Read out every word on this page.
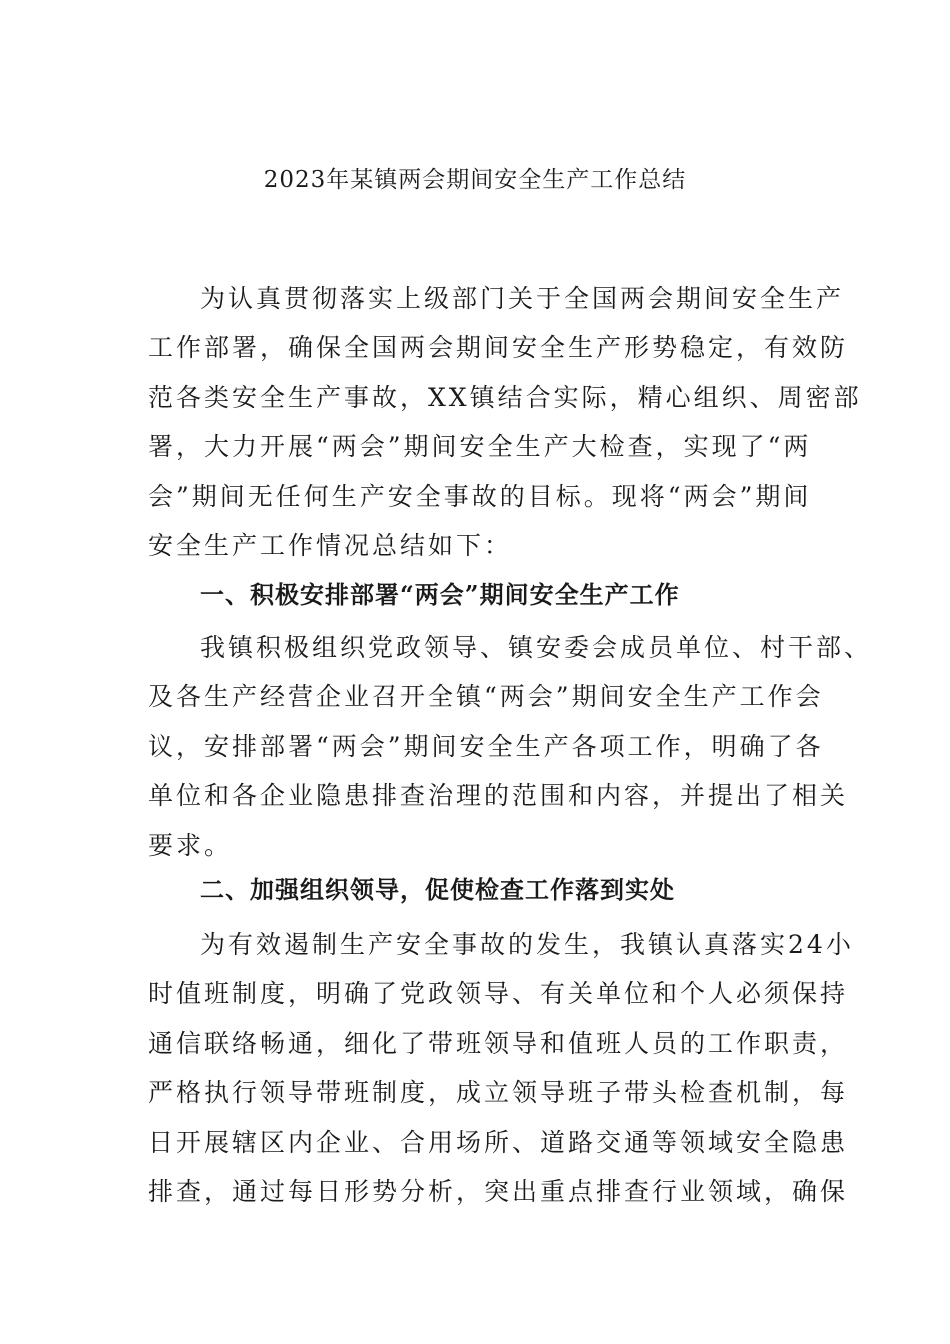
2023年某镇两会期间安全生产工作总结
为认真贯彻落实上级部门关于全国两会期间安全生产
工作部署，确保全国两会期间安全生产形势稳定，有效防
范各类安全生产事故，XX镇结合实际，精心组织、周密部
署，大力开展“两会”期间安全生产大检查，实现了“两
会”期间无任何生产安全事故的目标。现将“两会”期间
安全生产工作情况总结如下：
一、积极安排部署“两会”期间安全生产工作
我镇积极组织党政领导、镇安委会成员单位、村干部、
及各生产经营企业召开全镇“两会”期间安全生产工作会
议，安排部署“两会”期间安全生产各项工作，明确了各
单位和各企业隐患排查治理的范围和内容，并提出了相关
要求。
二、加强组织领导，促使检查工作落到实处
为有效遏制生产安全事故的发生，我镇认真落实24小
时值班制度，明确了党政领导、有关单位和个人必须保持
通信联络畅通，细化了带班领导和值班人员的工作职责，
严格执行领导带班制度，成立领导班子带头检查机制，每
日开展辖区内企业、合用场所、道路交通等领域安全隐患
排查，通过每日形势分析，突出重点排查行业领域，确保
